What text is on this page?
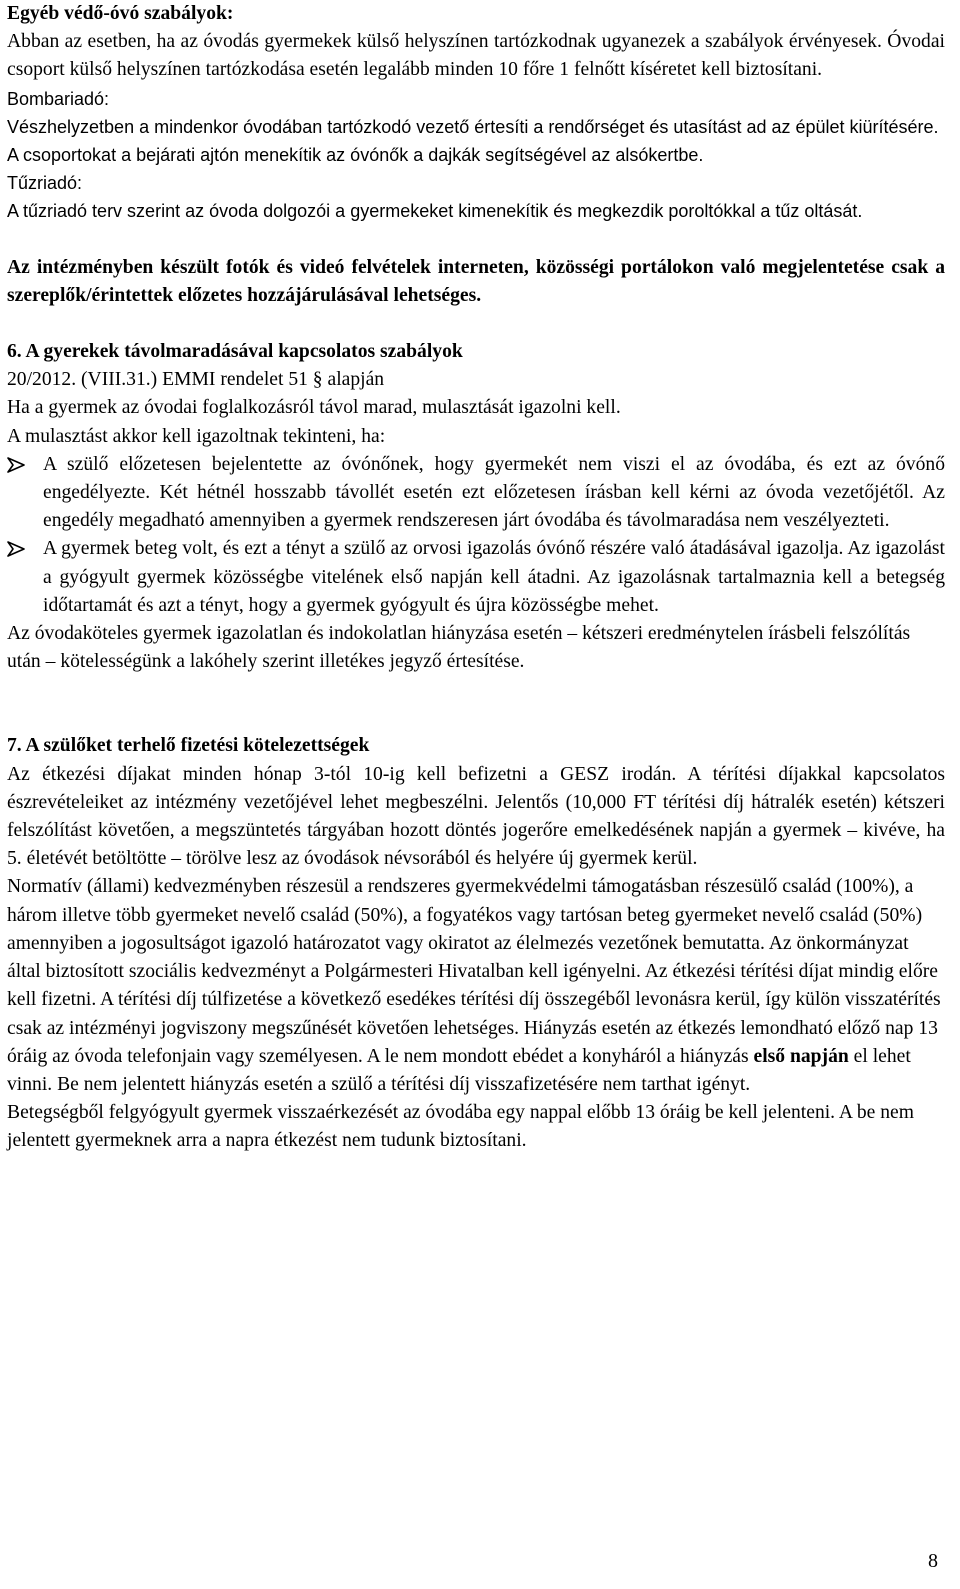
Egyéb védő-óvó szabályok:

Abban az esetben, ha az óvodás gyermekek külső helyszínen tartózkodnak ugyanezek a szabályok érvényesek. Óvodai csoport külső helyszínen tartózkodása esetén legalább minden 10 főre 1 felnőtt kíséretet kell biztosítani.

Bombariadó:

Vészhelyzetben a mindenkor óvodában tartózkodó vezető értesíti a rendőrséget és utasítást ad az épület kiürítésére.

A csoportokat a bejárati ajtón menekítik az óvónők a dajkák segítségével az alsókertbe.

Tűzriadó:

A tűzriadó terv szerint az óvoda dolgozói a gyermekeket kimenekítik és megkezdik poroltókkal a tűz oltását.

Az intézményben készült fotók és videó felvételek interneten, közösségi portálokon való megjelentetése csak a szereplők/érintettek előzetes hozzájárulásával lehetséges.

6. A gyerekek távolmaradásával kapcsolatos szabályok

20/2012. (VIII.31.) EMMI rendelet 51 § alapján

Ha a gyermek az óvodai foglalkozásról távol marad, mulasztását igazolni kell.

A mulasztást akkor kell igazoltnak tekinteni, ha:

A szülő előzetesen bejelentette az óvónőnek, hogy gyermekét nem viszi el az óvodába, és ezt az óvónő engedélyezte. Két hétnél hosszabb távollét esetén ezt előzetesen írásban kell kérni az óvoda vezetőjétől. Az engedély megadható amennyiben a gyermek rendszeresen járt óvodába és távolmaradása nem veszélyezteti.
A gyermek beteg volt, és ezt a tényt a szülő az orvosi igazolás óvónő részére való átadásával igazolja. Az igazolást a gyógyult gyermek közösségbe vitelének első napján kell átadni. Az igazolásnak tartalmaznia kell a betegség időtartamát és azt a tényt, hogy a gyermek gyógyult és újra közösségbe mehet.

Az óvodaköteles gyermek igazolatlan és indokolatlan hiányzása esetén – kétszeri eredménytelen írásbeli felszólítás után – kötelességünk a lakóhely szerint illetékes jegyző értesítése.

7. A szülőket terhelő fizetési kötelezettségek

Az étkezési díjakat minden hónap 3-tól 10-ig kell befizetni a GESZ irodán. A térítési díjakkal kapcsolatos észrevételeiket az intézmény vezetőjével lehet megbeszélni. Jelentős (10,000 FT térítési díj hátralék esetén) kétszeri felszólítást követően, a megszüntetés tárgyában hozott döntés jogerőre emelkedésének napján a gyermek – kivéve, ha 5. életévét betöltötte – törölve lesz az óvodások névsorából és helyére új gyermek kerül.

Normatív (állami) kedvezményben részesül a rendszeres gyermekvédelmi támogatásban részesülő család (100%), a három illetve több gyermeket nevelő család (50%), a fogyatékos vagy tartósan beteg gyermeket nevelő család (50%) amennyiben a jogosultságot igazoló határozatot vagy okiratot az élelmezés vezetőnek bemutatta. Az önkormányzat által biztosított szociális kedvezményt a Polgármesteri Hivatalban kell igényelni. Az étkezési térítési díjat mindig előre kell fizetni. A térítési díj túlfizetése a következő esedékes térítési díj összegéből levonásra kerül, így külön visszatérítés csak az intézményi jogviszony megszűnését követően lehetséges. Hiányzás esetén az étkezés lemondható előző nap 13 óráig az óvoda telefonjain vagy személyesen. A le nem mondott ebédet a konyháról a hiányzás első napján el lehet vinni. Be nem jelentett hiányzás esetén a szülő a térítési díj visszafizetésére nem tarthat igényt.

Betegségből felgyógyult gyermek visszaérkezését az óvodába egy nappal előbb 13 óráig be kell jelenteni. A be nem jelentett gyermeknek arra a napra étkezést nem tudunk biztosítani.

8
